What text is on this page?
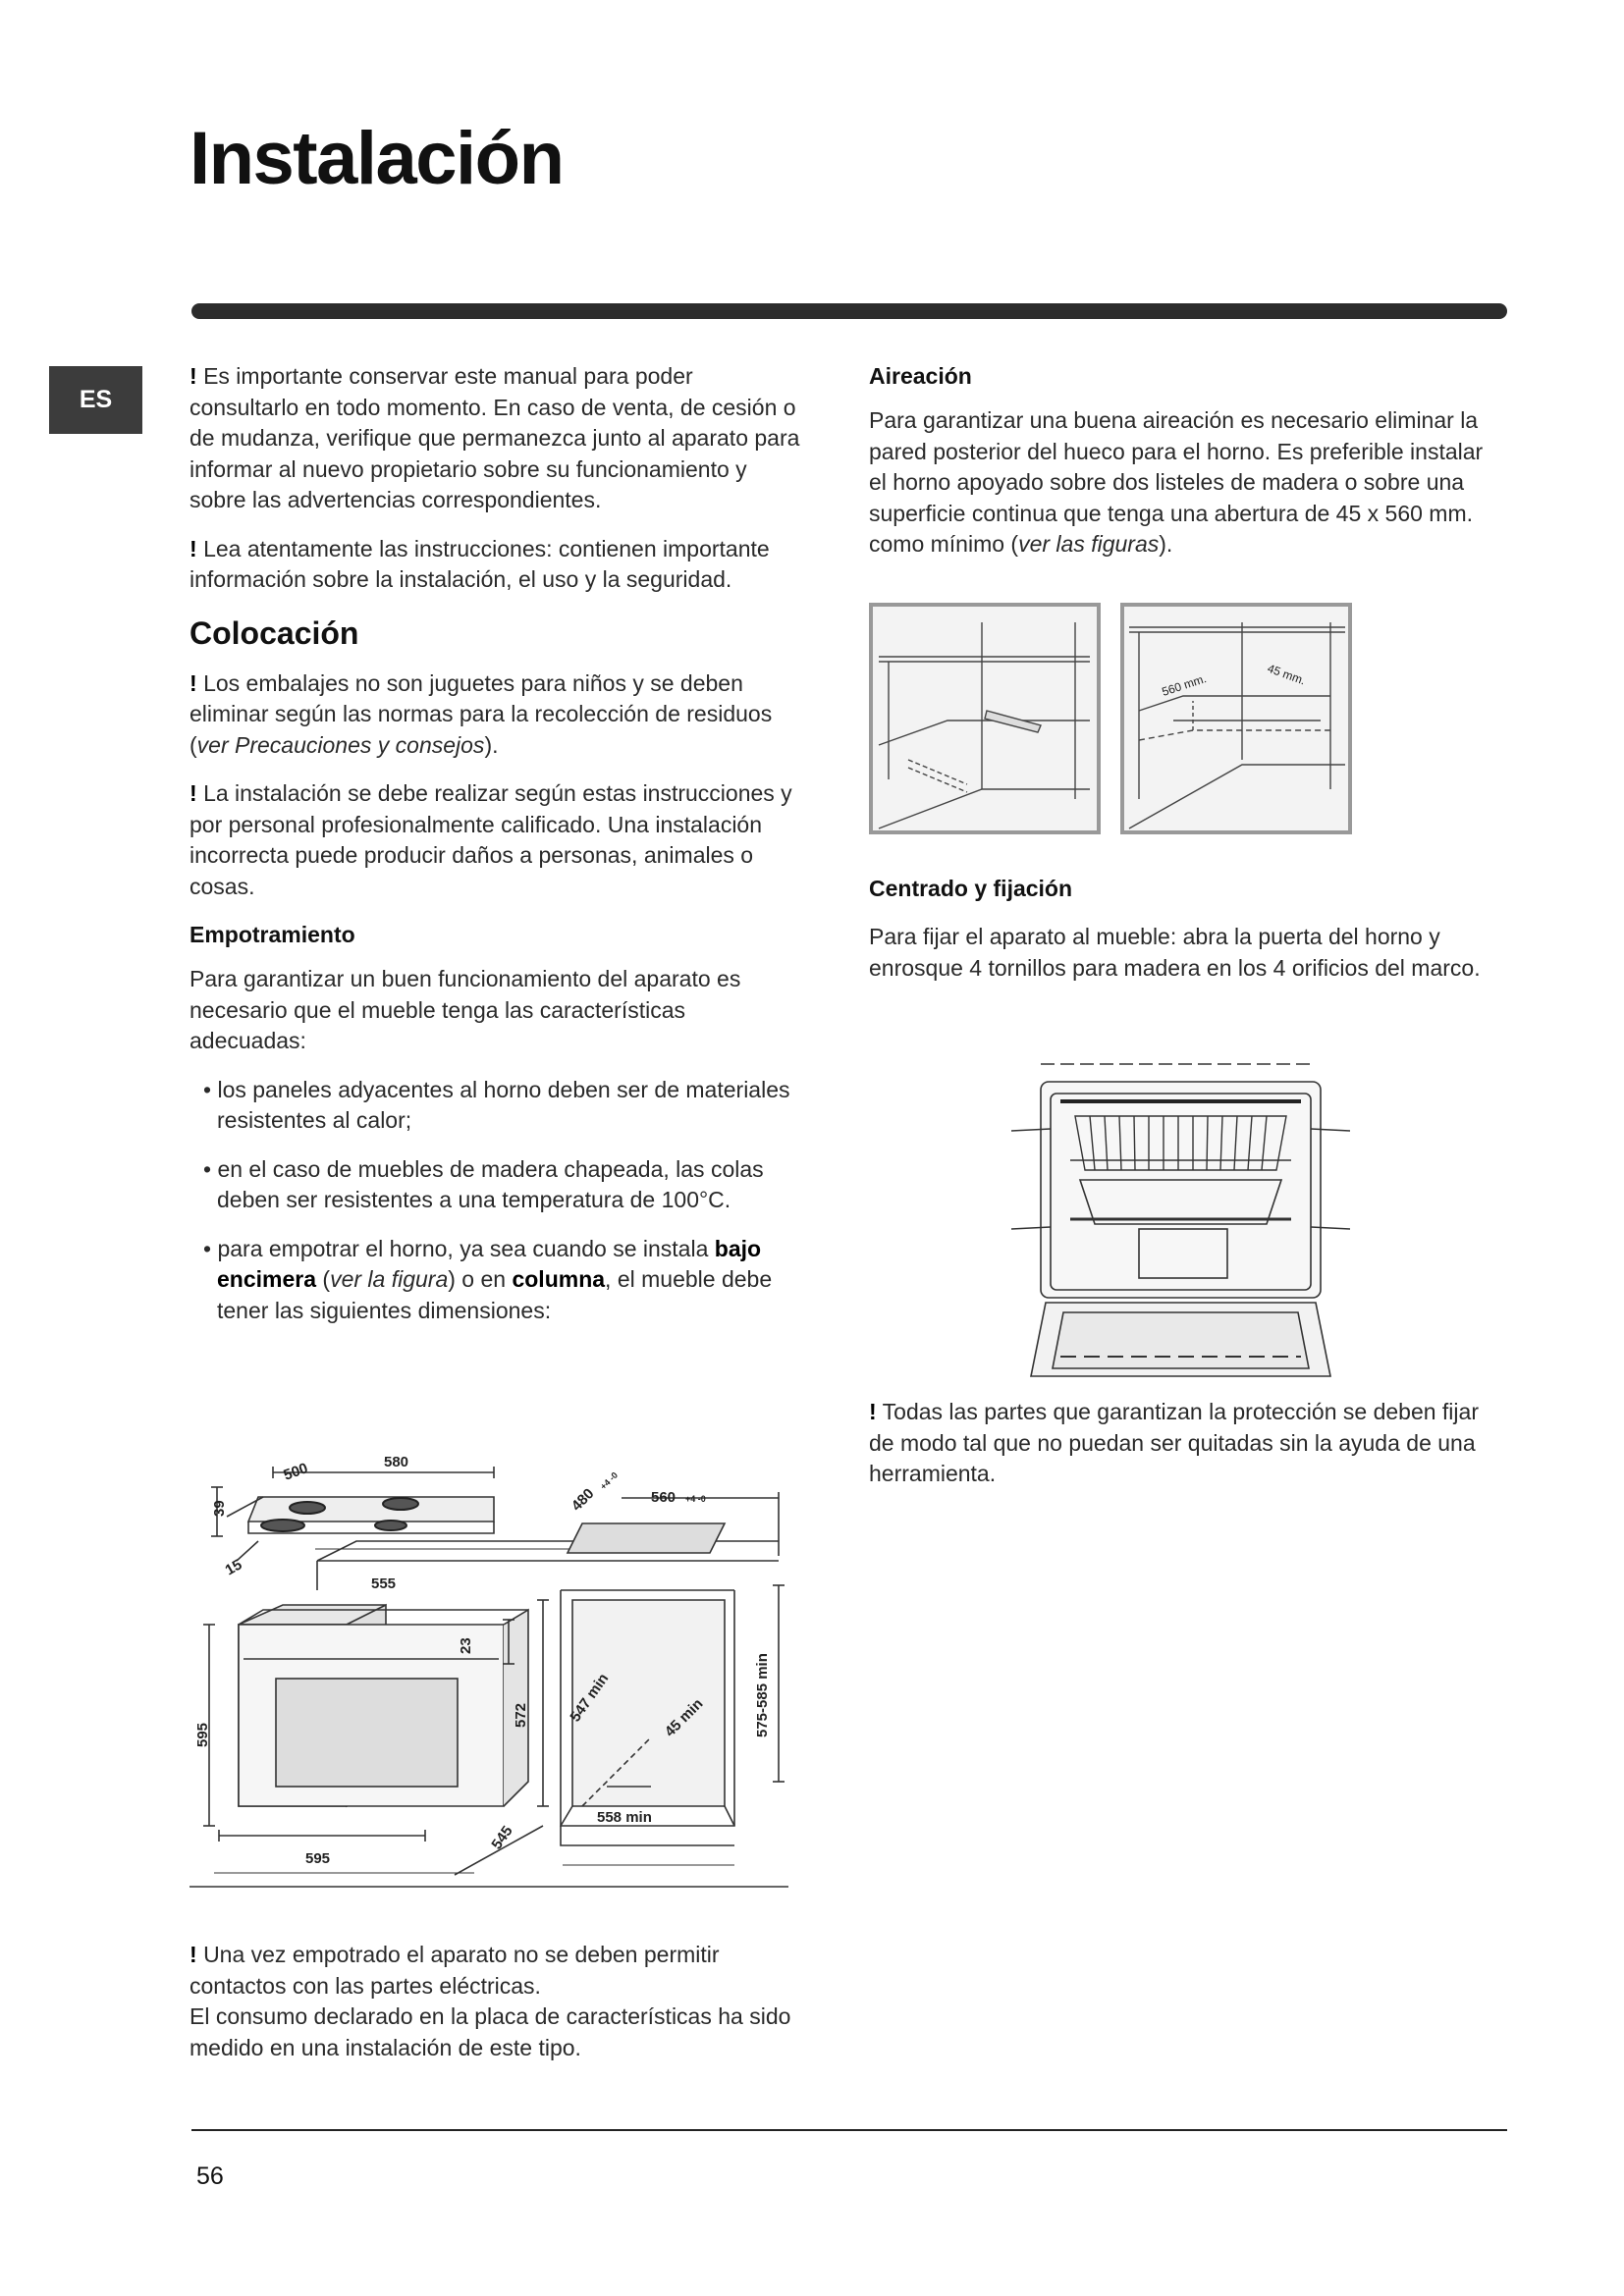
Instalación
ES

! Es importante conservar este manual para poder consultarlo en todo momento. En caso de venta, de cesión o de mudanza, verifique que permanezca junto al aparato para informar al nuevo propietario sobre su funcionamiento y sobre las advertencias correspondientes.

! Lea atentamente las instrucciones: contienen importante información sobre la instalación, el uso y la seguridad.

Colocación

! Los embalajes no son juguetes para niños y se deben eliminar según las normas para la recolección de residuos (ver Precauciones y consejos).

! La instalación se debe realizar según estas instrucciones y por personal profesionalmente calificado. Una instalación incorrecta puede producir daños a personas, animales o cosas.

Empotramiento

Para garantizar un buen funcionamiento del aparato es necesario que el mueble tenga las características adecuadas:

• los paneles adyacentes al horno deben ser de materiales resistentes al calor;

• en el caso de muebles de madera chapeada, las colas deben ser resistentes a una temperatura de 100°C.

• para empotrar el horno, ya sea cuando se instala bajo encimera (ver la figura) o en columna, el mueble debe tener las siguientes dimensiones:

580
500
39
15
555
480
+4 -0
560 +4 -0
23
572	547 min	45 min	575-585 min
595
545
558 min
595
! Una vez empotrado el aparato no se deben permitir contactos con las partes eléctricas.
El consumo declarado en la placa de características ha sido medido en una instalación de este tipo.
Aireación

Para garantizar una buena aireación es necesario eliminar la pared posterior del hueco para el horno. Es preferible instalar el horno apoyado sobre dos listeles de madera o sobre una superficie continua que tenga una abertura de 45 x 560 mm. como mínimo (ver las figuras).

560 mm.	45 mm.
Centrado y fijación

Para fijar el aparato al mueble: abra la puerta del horno y enrosque 4 tornillos para madera en los 4 orificios del marco.

! Todas las partes que garantizan la protección se deben fijar de modo tal que no puedan ser quitadas sin la ayuda de una herramienta.

56
